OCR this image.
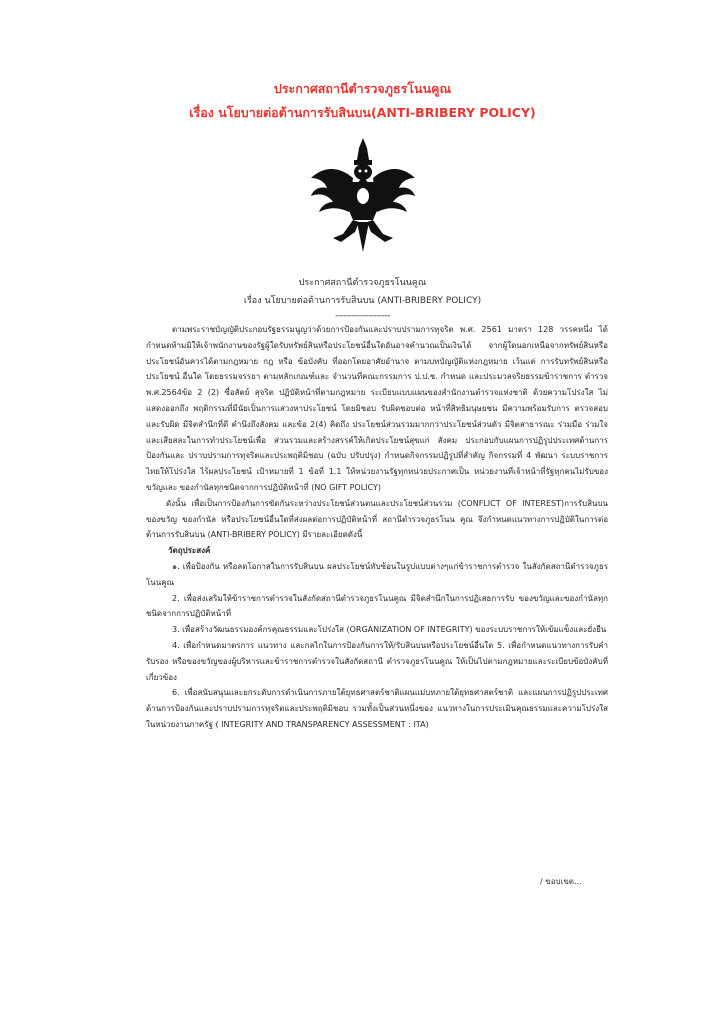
ประกาศสถานีตำรวจภูธรโนนคูณ
เรื่อง นโยบายต่อต้านการรับสินบน(ANTI-BRIBERY POLICY)
ประกาศสถานีตำรวจภูธรโนนคูณ
เรื่อง นโยบายต่อต้านการรับสินบน (ANTI-BRIBERY POLICY)
--------------------

ตามพระราชบัญญัติประกอบรัฐธรรมนูญว่าด้วยการป้องกันและปราบปรามการทุจริต พ.ศ. 2561 มาตรา 128 วรรคหนึ่ง ได้กำหนดห้ามมิให้เจ้าพนักงานของรัฐผู้ใดรับทรัพย์สินหรือประโยชน์อื่นใดอันอาจคำนวณเป็นเงินได้ จากผู้ใดนอกเหนือจากทรัพย์สินหรือประโยชน์อันควรได้ตามกฎหมาย กฎ หรือ ข้อบังคับ ที่ออกโดยอาศัยอำนาจ ตามบทบัญญัติแห่งกฎหมาย เว้นแต่ การรับทรัพย์สินหรือประโยชน์ อื่นใด โดยธรรมจรรยา ตามหลักเกณฑ์และ จำนวนที่คณะกรรมการ ป.ป.ช. กำหนด และประมวลจริยธรรมข้าราชการ ตำรวจ พ.ศ.2564ข้อ 2 (2) ซื่อสัตย์ สุจริต ปฏิบัติหน้าที่ตามกฎหมาย ระเบียบแบบแผนของสำนักงานตำรวจแห่งชาติ ด้วยความโปร่งใส ไม่แสดงออกถึง พฤติกรรมที่มีนัยเป็นการแสวงหาประโยชน์ โดยมิชอบ รับผิดชอบต่อ หน้าที่สิทธิมนุษยชน มีความพร้อมรับการ ตรวจสอบและรับผิด มีจิตสำนึกที่ดี คำนึงถึงสังคม และข้อ 2(4) คิดถึง ประโยชน์ส่วนรวมมากกว่าประโยชน์ส่วนตัว มีจิตสาธารณะ ร่วมมือ ร่วมใจ และเสียสละในการทำประโยชน์เพื่อ ส่วนรวมและสร้างสรรค์ให้เกิดประโยชน์สุขแก่ สังคม ประกอบกับแผนการปฏิรูปประเทศด้านการป้องกันและ ปราบปรามการทุจริตและประพฤติมิชอบ (ฉบับ ปรับปรุง) กำหนดกิจกรรมปฏิรูปที่สำคัญ กิจกรรมที่ 4 พัฒนา ระบบราชการไทยให้โปร่งใส ไร้ผลประโยชน์ เป้าหมายที่ 1 ข้อที่ 1.1 ให้หน่วยงานรัฐทุกหน่วยประกาศเป็น หน่วยงานที่เจ้าหน้าที่รัฐทุกคนไม่รับของขวัญและ ของกำนัลทุกชนิดจากการปฏิบัติหน้าที่ (NO GIFT POLICY)

ดังนั้น เพื่อเป็นการป้องกันการขัดกันระหว่างประโยชน์ส่วนตนและประโยชน์ส่วนรวม (CONFLICT OF INTEREST)การรับสินบน ของขวัญ ของกำนัล หรือประโยชน์อื่นใดที่ส่งผลต่อการปฏิบัติหน้าที่ สถานีตำรวจภูธรโนน คูณ จึงกำหนดแนวทางการปฏิบัติในการต่อต้านการรับสินบน (ANTI-BRIBERY POLICY) มีรายละเอียดดังนี้

วัตถุประสงค์

๑. เพื่อป้องกัน หรือลดโอกาสในการรับสินบน ผลประโยชน์ทับซ้อนในรูปแบบต่างๆแก่ข้าราชการตำรวจ ในสังกัดสถานีตำรวจภูธรโนนคูณ

2. เพื่อส่งเสริมให้ข้าราชการตำรวจในสังกัดสถานีตำรวจภูธรโนนคูณ มีจิตสำนึกในการปฏิเสธการรับ ของขวัญและของกำนัลทุกชนิดจากการปฏิบัติหน้าที่

3. เพื่อสร้างวัฒนธรรมองค์กรคุณธรรมและโปร่งใส (ORGANIZATION OF INTEGRITY) ของระบบราชการให้เข้มแข็งและยั่งยืน

4. เพื่อกำหนดมาตรการ แนวทาง และกลไกในการป้องกันการให้/รับสินบนหรือประโยชน์อื่นใด 5. เพื่อกำหนดแนวทางการรับคำรับรอง หรือของขวัญของผู้บริหารและข้าราชการตำรวจในสังกัดสถานี ตำรวจภูธรโนนคูณ ให้เป็นไปตามกฎหมายและระเบียบข้อบังคับที่เกี่ยวข้อง

6. เพื่อสนับสนุนและยกระดับการดำเนินการภายใต้ยุทธศาสตร์ชาติแผนแม่บทภายใต้ยุทธศาสตร์ชาติ และแผนการปฏิรูปประเทศด้านการป้องกันและปราบปรามการทุจริตและประพฤติมิชอบ รวมทั้งเป็นส่วนหนึ่งของ แนวทางในการประเมินคุณธรรมและความโปร่งใสในหน่วยงานภาครัฐ ( INTEGRITY AND TRANSPARENCY ASSESSMENT : ITA)

/ ขอบเขต...
